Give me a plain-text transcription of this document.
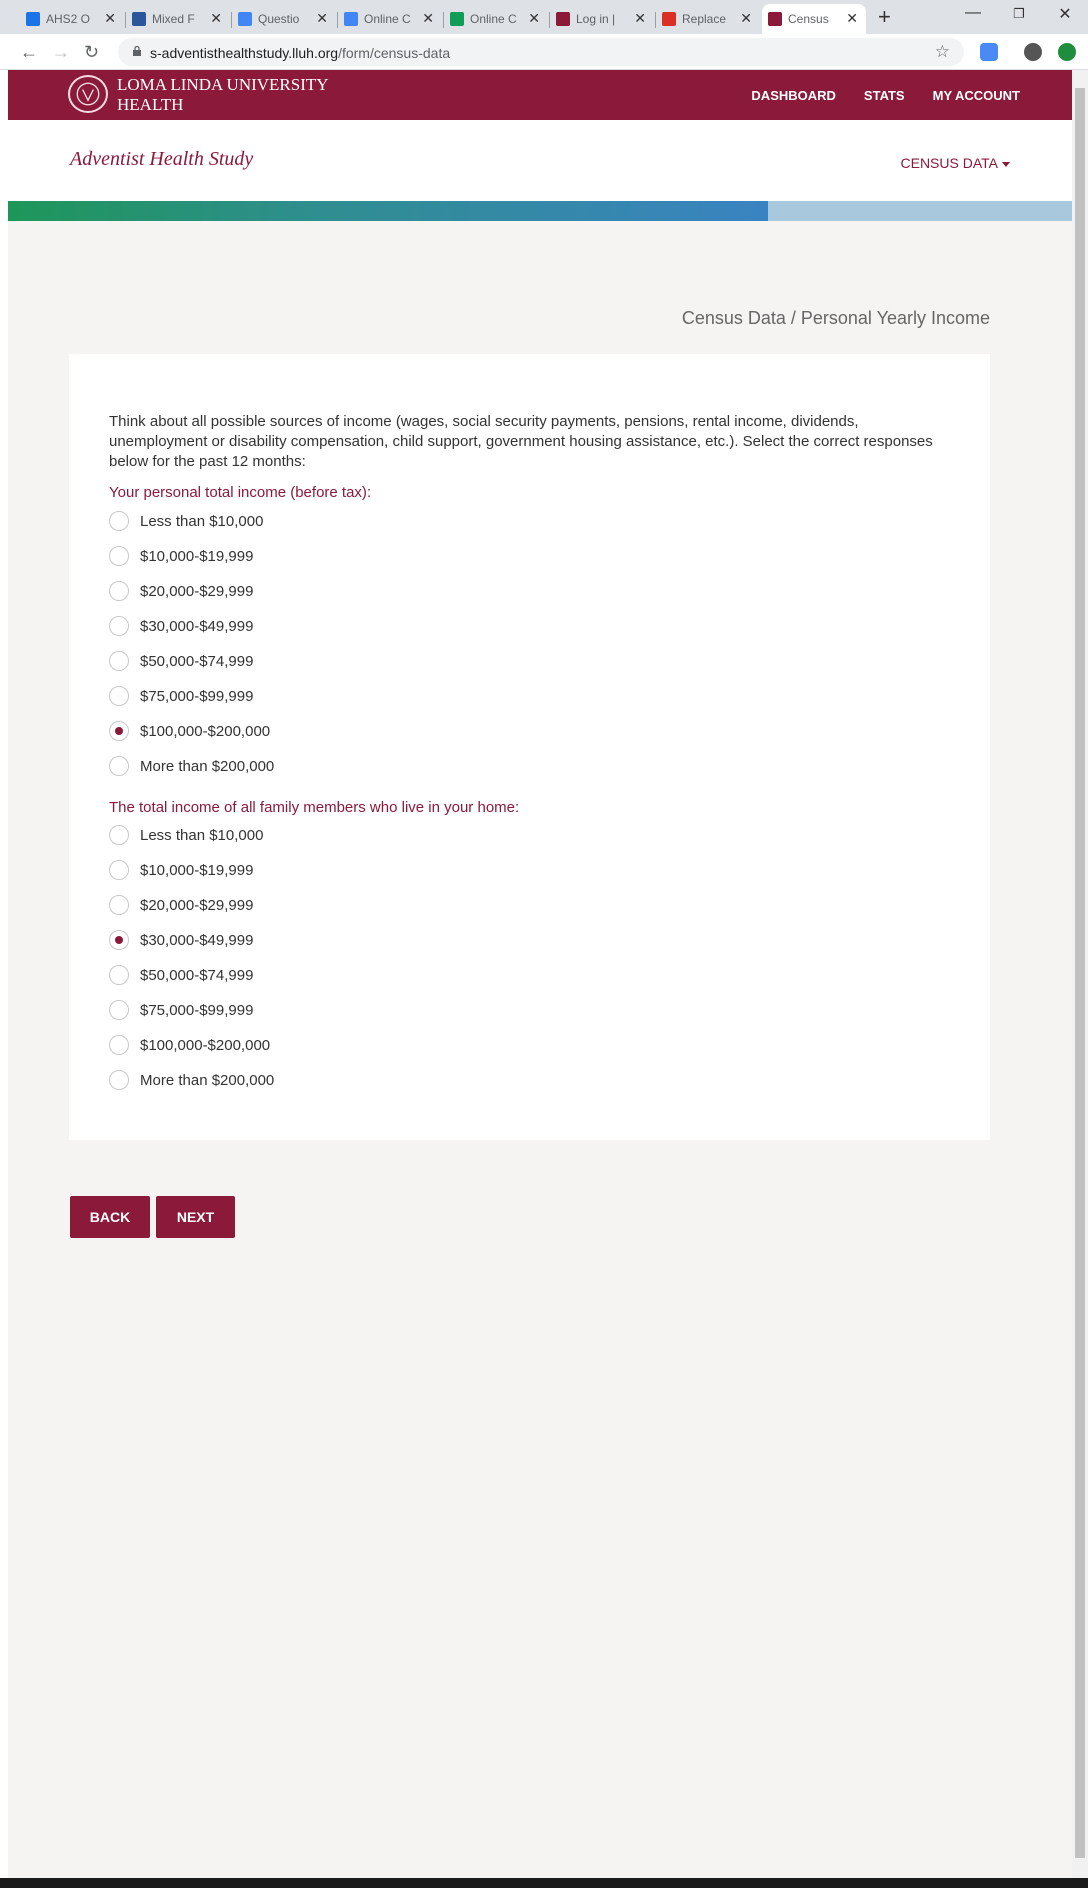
AHS2 O	✕	Mixed F	✕	Questio	✕	Online C ✕	Online C ✕	Log in |	✕	Replace	✕	Census	✕ +	—	❐	✕
← → ↻	s-adventisthealthstudy.lluh.org/form/census-data	☆
LOMA LINDA UNIVERSITY
HEALTH	DASHBOARD STATS MY ACCOUNT
Adventist Health Study	CENSUS DATA
Census Data / Personal Yearly Income
Think about all possible sources of income (wages, social security payments, pensions, rental income, dividends, unemployment or disability compensation, child support, government housing assistance, etc.). Select the correct responses below for the past 12 months:
Your personal total income (before tax):
Less than $10,000
$10,000-$19,999
$20,000-$29,999
$30,000-$49,999
$50,000-$74,999
$75,000-$99,999
$100,000-$200,000
More than $200,000
The total income of all family members who live in your home:
Less than $10,000
$10,000-$19,999
$20,000-$29,999
$30,000-$49,999
$50,000-$74,999
$75,000-$99,999
$100,000-$200,000
More than $200,000
BACK	NEXT
